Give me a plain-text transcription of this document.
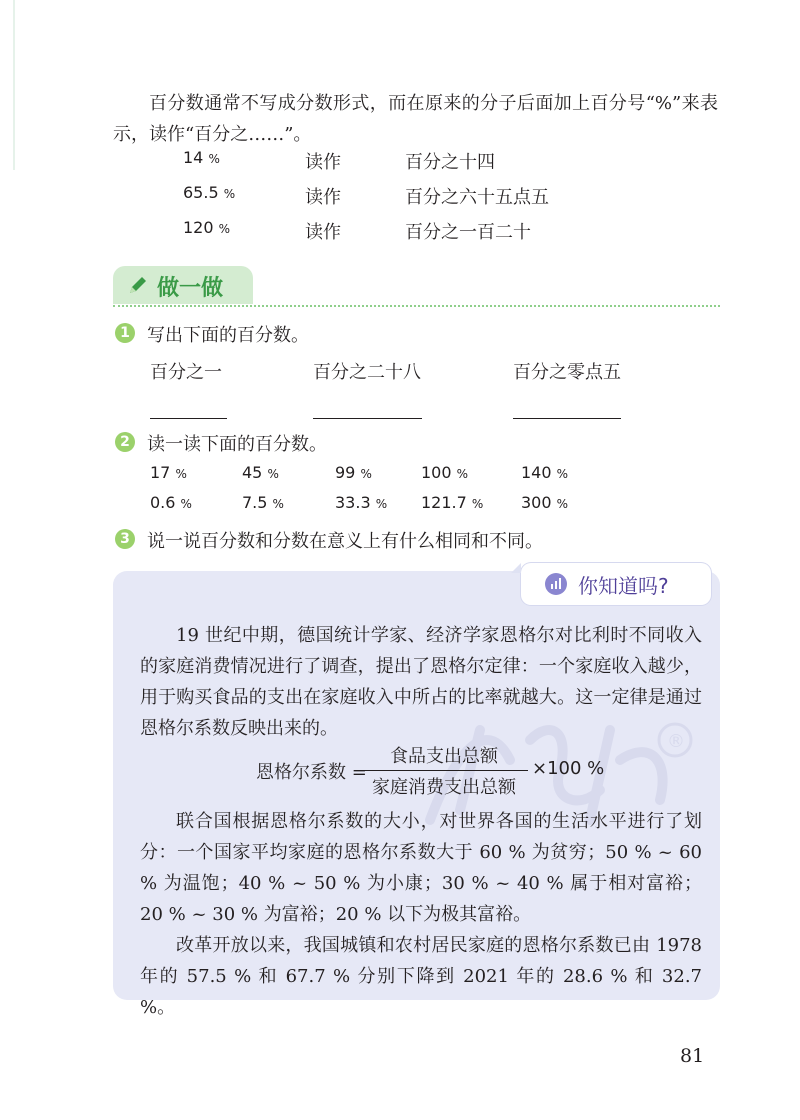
百分数通常不写成分数形式，而在原来的分子后面加上百分号“%”来表示，读作“百分之……”。

14 %	读作	百分之十四
65.5 %	读作	百分之六十五点五
120 %	读作	百分之一百二十
做一做
1 写出下面的百分数。
百分之一	百分之二十八	百分之零点五
2 读一读下面的百分数。
17 %	45 %	99 %	100 %	140 %
0.6 %	7.5 %	33.3 % 121.7 % 300 %
3 说一说百分数和分数在意义上有什么相同和不同。
你知道吗?
®

19 世纪中期，德国统计学家、经济学家恩格尔对比利时不同收入的家庭消费情况进行了调查，提出了恩格尔定律：一个家庭收入越少，用于购买食品的支出在家庭收入中所占的比率就越大。这一定律是通过恩格尔系数反映出来的。

恩格尔系数 =
食品支出总额
家庭消费支出总额
×100 %

联合国根据恩格尔系数的大小，对世界各国的生活水平进行了划分：一个国家平均家庭的恩格尔系数大于 60 % 为贫穷；50 % ~ 60 % 为温饱；40 % ~ 50 % 为小康；30 % ~ 40 % 属于相对富裕；20 % ~ 30 % 为富裕；20 % 以下为极其富裕。

改革开放以来，我国城镇和农村居民家庭的恩格尔系数已由 1978 年的 57.5 % 和 67.7 % 分别下降到 2021 年的 28.6 % 和 32.7 %。

81
